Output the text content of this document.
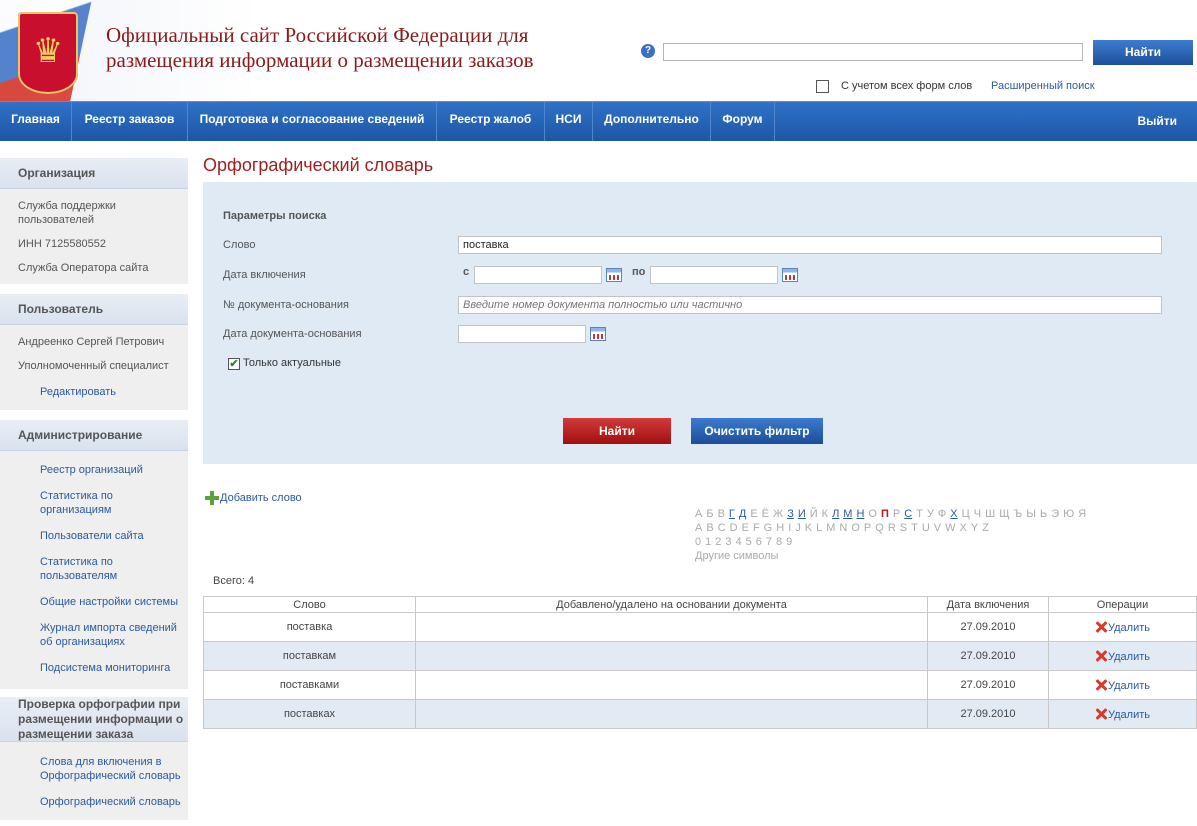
♛	Официальный сайт Российской Федерации для
размещения информации о размещении заказов	?	Найти
С учетом всех форм слов Расширенный поиск
Главная	Реестр заказов	Подготовка и согласование сведений	Реестр жалоб	НСИ	Дополнительно	Форум	Выйти
Организация
Служба поддержки пользователей
ИНН 7125580552
Служба Оператора сайта
Пользователь
Андреенко Сергей Петрович
Уполномоченный специалист
Редактировать
Администрирование
Реестр организаций
Статистика по организациям
Пользователи сайта
Статистика по пользователям
Общие настройки системы
Журнал импорта сведений об организациях
Подсистема мониторинга
Проверка орфографии при размещении информации о размещении заказа
Слова для включения в Орфографический словарь
Орфографический словарь
Орфографический словарь
Параметры поиска
Слово
поставка
Дата включения	с	по
№ документа-основания
Введите номер документа полностью или частично
Дата документа-основания
✔ Только актуальные
Найти	Очистить фильтр
Добавить слово
А Б В Г Д Е Ё Ж З И Й К Л М Н О П Р С Т У Ф Х Ц Ч Ш Щ Ъ Ы Ь Э Ю Я
A B C D E F G H I J K L M N O P Q R S T U V W X Y Z
0 1 2 3 4 5 6 7 8 9
Другие символы
Всего: 4
Слово	Добавлено/удалено на основании документа	Дата включения	Операции
поставка		27.09.2010	Удалить
поставкам		27.09.2010	Удалить
поставками		27.09.2010	Удалить
поставках		27.09.2010	Удалить
